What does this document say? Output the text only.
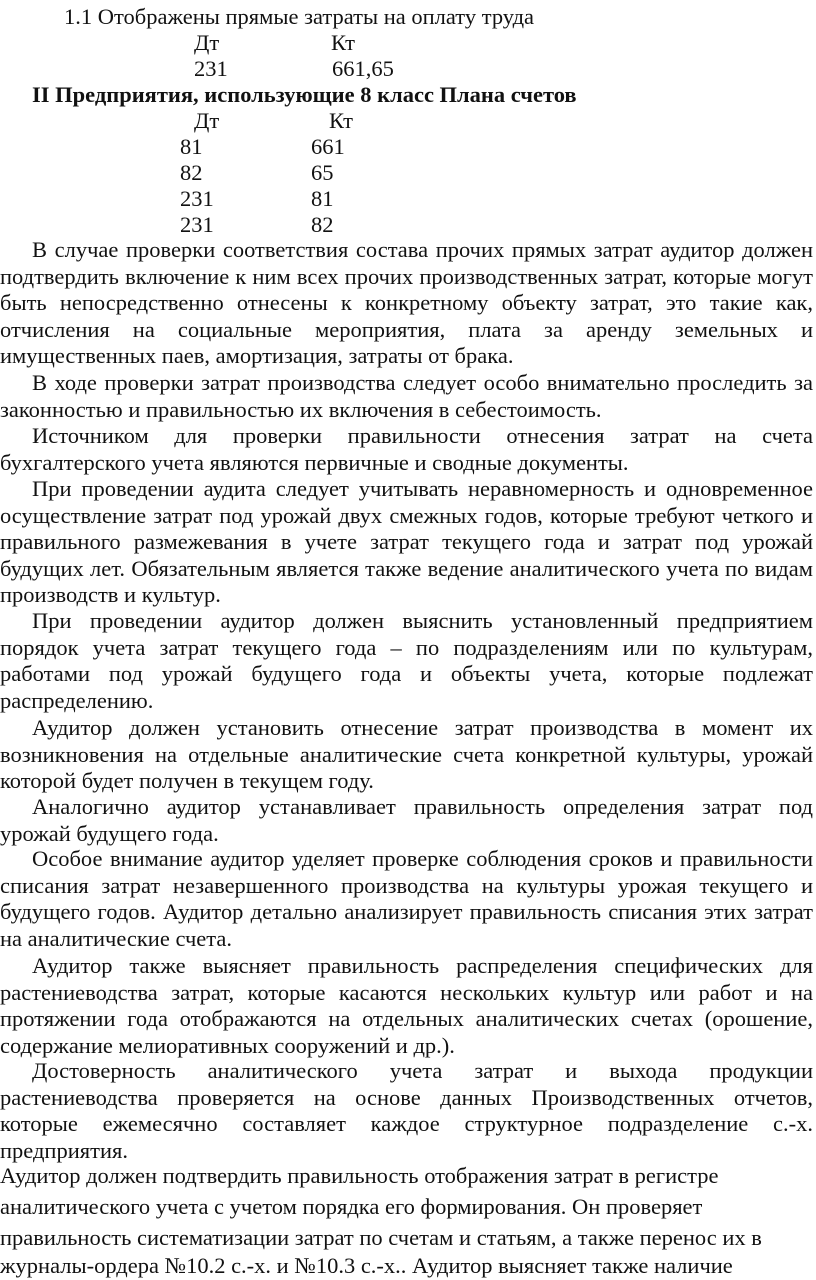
1.1 Отображены прямые затраты на оплату труда
Дт	Кт
231	661,65
II Предприятия, использующие 8 класс Плана счетов
Дт	Кт
81	661
82	65
231	81
231	82
В случае проверки соответствия состава прочих прямых затрат аудитор должен подтвердить включение к ним всех прочих производственных затрат, которые могут быть непосредственно отнесены к конкретному объекту затрат, это такие как, отчисления на социальные мероприятия, плата за аренду земельных и имущественных паев, амортизация, затраты от брака.
В ходе проверки затрат производства следует особо внимательно проследить за законностью и правильностью их включения в себестоимость.
Источником для проверки правильности отнесения затрат на счета бухгалтерского учета являются первичные и сводные документы.
При проведении аудита следует учитывать неравномерность и одновременное осуществление затрат под урожай двух смежных годов, которые требуют четкого и правильного размежевания в учете затрат текущего года и затрат под урожай будущих лет. Обязательным является также ведение аналитического учета по видам производств и культур.
При проведении аудитор должен выяснить установленный предприятием порядок учета затрат текущего года – по подразделениям или по культурам, работами под урожай будущего года и объекты учета, которые подлежат распределению.
Аудитор должен установить отнесение затрат производства в момент их возникновения на отдельные аналитические счета конкретной культуры, урожай которой будет получен в текущем году.
Аналогично аудитор устанавливает правильность определения затрат под урожай будущего года.
Особое внимание аудитор уделяет проверке соблюдения сроков и правильности списания затрат незавершенного производства на культуры урожая текущего и будущего годов. Аудитор детально анализирует правильность списания этих затрат на аналитические счета.
Аудитор также выясняет правильность распределения специфических для растениеводства затрат, которые касаются нескольких культур или работ и на протяжении года отображаются на отдельных аналитических счетах (орошение, содержание мелиоративных сооружений и др.).
Достоверность аналитического учета затрат и выхода продукции растениеводства проверяется на основе данных Производственных отчетов, которые ежемесячно составляет каждое структурное подразделение с.-х. предприятия.
Аудитор должен подтвердить правильность отображения затрат в регистре
аналитического учета с учетом порядка его формирования. Он проверяет
правильность систематизации затрат по счетам и статьям, а также перенос их в
журналы-ордера №10.2 с.-х. и №10.3 с.-х.. Аудитор выясняет также наличие
